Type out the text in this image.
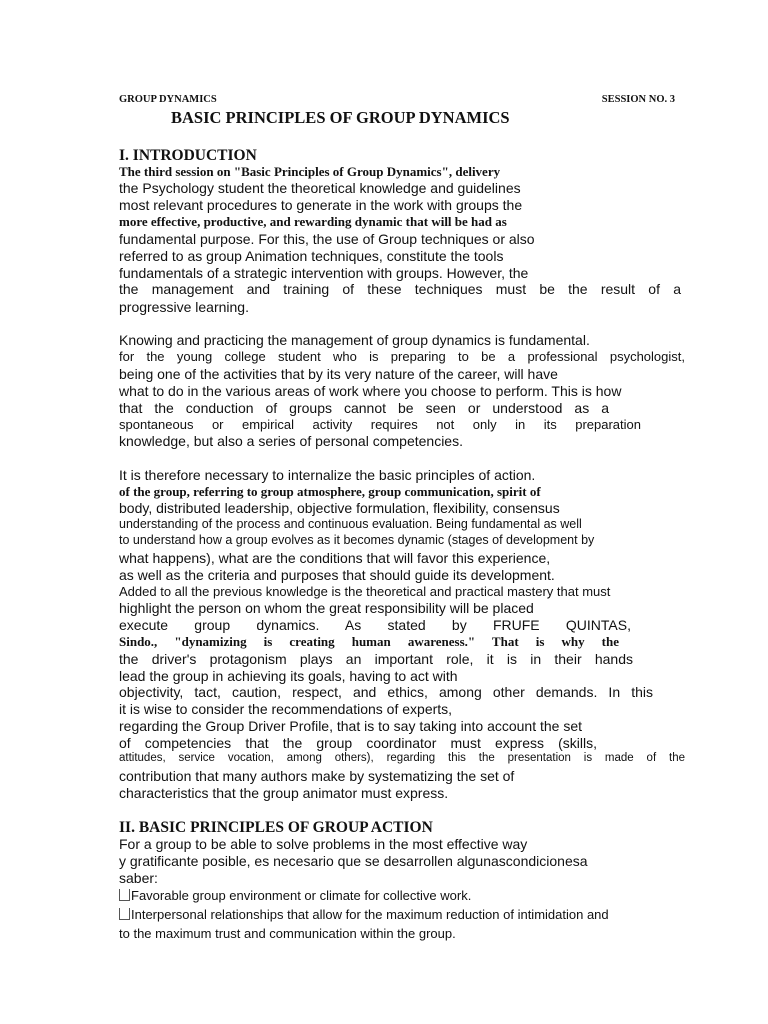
GROUP DYNAMICS	SESSION NO. 3
BASIC PRINCIPLES OF GROUP DYNAMICS
I. INTRODUCTION
The third session on "Basic Principles of Group Dynamics", delivery
the Psychology student the theoretical knowledge and guidelines
most relevant procedures to generate in the work with groups the
more effective, productive, and rewarding dynamic that will be had as
fundamental purpose. For this, the use of Group techniques or also
referred to as group Animation techniques, constitute the tools
fundamentals of a strategic intervention with groups. However, the
the management and training of these techniques must be the result of a
progressive learning.
Knowing and practicing the management of group dynamics is fundamental.
for the young college student who is preparing to be a professional psychologist,
being one of the activities that by its very nature of the career, will have
what to do in the various areas of work where you choose to perform. This is how
that the conduction of groups cannot be seen or understood as a
spontaneous or empirical activity requires not only in its preparation
knowledge, but also a series of personal competencies.
It is therefore necessary to internalize the basic principles of action.
of the group, referring to group atmosphere, group communication, spirit of
body, distributed leadership, objective formulation, flexibility, consensus
understanding of the process and continuous evaluation. Being fundamental as well
to understand how a group evolves as it becomes dynamic (stages of development by
what happens), what are the conditions that will favor this experience,
as well as the criteria and purposes that should guide its development.
Added to all the previous knowledge is the theoretical and practical mastery that must
highlight the person on whom the great responsibility will be placed
execute group dynamics. As stated by FRUFE QUINTAS,
Sindo., "dynamizing is creating human awareness." That is why the
the driver's protagonism plays an important role, it is in their hands
lead the group in achieving its goals, having to act with
objectivity, tact, caution, respect, and ethics, among other demands. In this
it is wise to consider the recommendations of experts,
regarding the Group Driver Profile, that is to say taking into account the set
of competencies that the group coordinator must express (skills,
attitudes, service vocation, among others), regarding this the presentation is made of the
contribution that many authors make by systematizing the set of
characteristics that the group animator must express.
II. BASIC PRINCIPLES OF GROUP ACTION
For a group to be able to solve problems in the most effective way
y gratificante posible, es necesario que se desarrollen algunascondicionesa
saber:
Favorable group environment or climate for collective work.
Interpersonal relationships that allow for the maximum reduction of intimidation and
to the maximum trust and communication within the group.
